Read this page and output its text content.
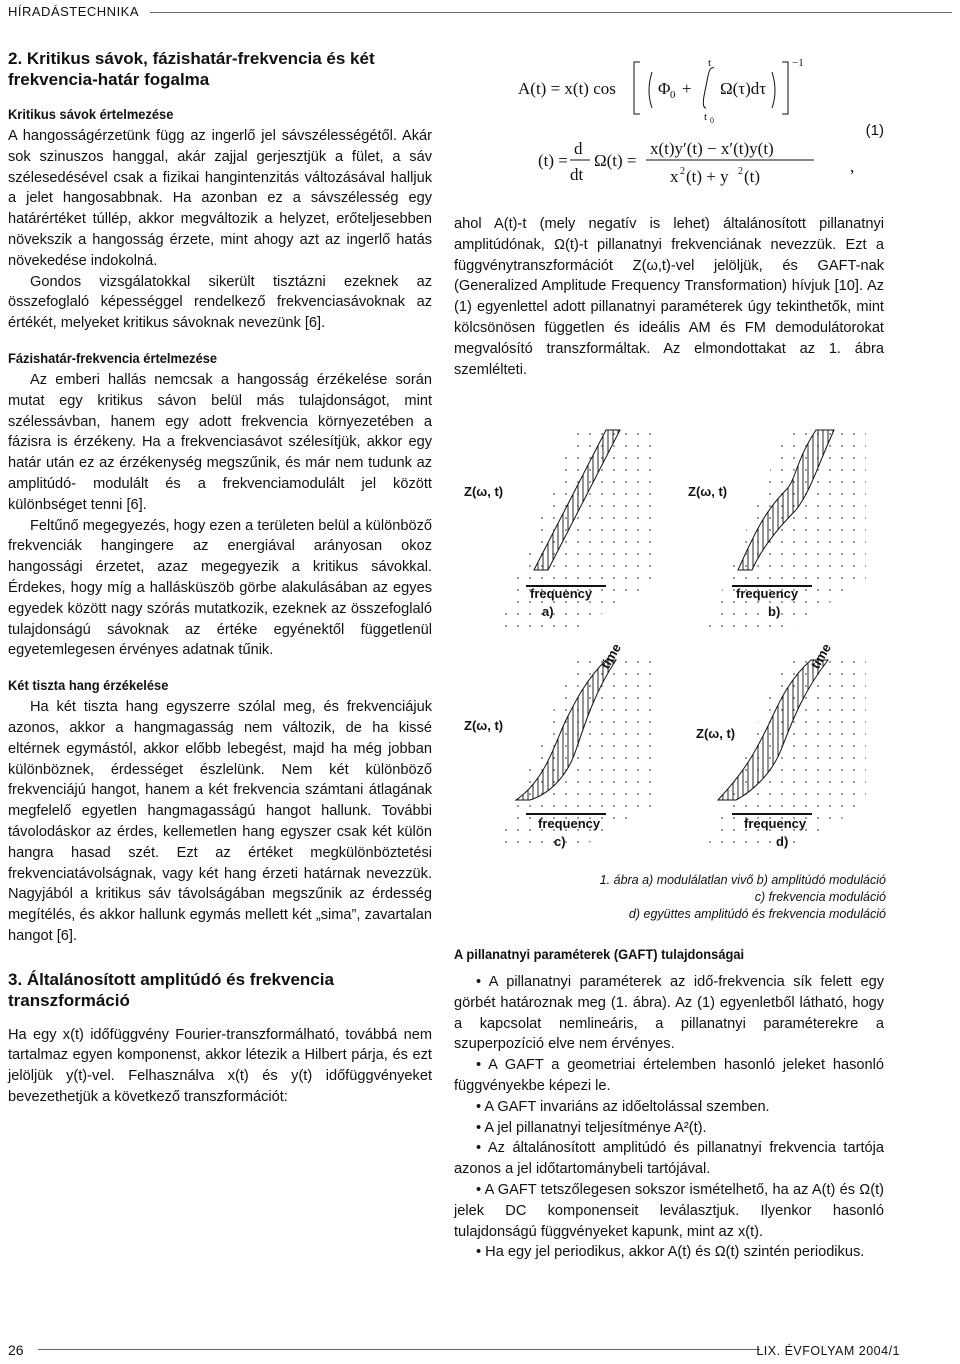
HÍRADÁSTECHNIKA
2. Kritikus sávok, fázishatár-frekvencia és két frekvencia-határ fogalma
Kritikus sávok értelmezése

A hangosságérzetünk függ az ingerlő jel sávszélességétől. Akár sok szinuszos hanggal, akár zajjal gerjesztjük a fület, a sáv szélesedésével csak a fizikai hangintenzitás változásával halljuk a jelet hangosabbnak. Ha azonban ez a sávszélesség egy határértéket túllép, akkor megváltozik a helyzet, erőteljesebben növekszik a hangosság érzete, mint ahogy azt az ingerlő hatás növekedése indokolná.

Gondos vizsgálatokkal sikerült tisztázni ezeknek az összefoglaló képességgel rendelkező frekvenciasávoknak az értékét, melyeket kritikus sávoknak nevezünk [6].

Fázishatár-frekvencia értelmezése

Az emberi hallás nemcsak a hangosság érzékelése során mutat egy kritikus sávon belül más tulajdonságot, mint szélessávban, hanem egy adott frekvencia környezetében a fázisra is érzékeny. Ha a frekvenciasávot szélesítjük, akkor egy határ után ez az érzékenység megszűnik, és már nem tudunk az amplitúdó- modulált és a frekvenciamodulált jel között különbséget tenni [6].

Feltűnő megegyezés, hogy ezen a területen belül a különböző frekvenciák hangingere az energiával arányosan okoz hangossági érzetet, azaz megegyezik a kritikus sávokkal. Érdekes, hogy míg a hallásküszöb görbe alakulásában az egyes egyedek között nagy szórás mutatkozik, ezeknek az összefoglaló tulajdonságú sávoknak az értéke egyénektől függetlenül egyetemlegesen érvényes adatnak tűnik.

Két tiszta hang érzékelése

Ha két tiszta hang egyszerre szólal meg, és frekvenciájuk azonos, akkor a hangmagasság nem változik, de ha kissé eltérnek egymástól, akkor előbb lebegést, majd ha még jobban különböznek, érdességet észlelünk. Nem két különböző frekvenciájú hangot, hanem a két frekvencia számtani átlagának megfelelő egyetlen hangmagasságú hangot hallunk. További távolodáskor az érdes, kellemetlen hang egyszer csak két külön hangra hasad szét. Ezt az értéket megkülönböztetési frekvenciatávolságnak, vagy két hang érzeti határnak nevezzük. Nagyjából a kritikus sáv távolságában megszűnik az érdesség megítélés, és akkor hallunk egymás mellett két „sima”, zavartalan hangot [6].

3. Általánosított amplitúdó és frekvencia transzformáció

Ha egy x(t) időfüggvény Fourier-transzformálható, továbbá nem tartalmaz egyen komponenst, akkor létezik a Hilbert párja, és ezt jelöljük y(t)-vel. Felhasználva x(t) és y(t) időfüggvényeket bevezethetjük a következő transzformációt:

A(t) = x(t) cos Φ 0 +
t
t 0
Ω(τ)dτ
−1
(t) =
d
dt
Ω(t) =
x(t)y′(t) − x′(t)y(t)
x 2 (t) + y 2 (t)
,
(1)

ahol A(t)-t (mely negatív is lehet) általánosított pillanatnyi amplitúdónak, Ω(t)-t pillanatnyi frekvenciának nevezzük. Ezt a függvénytranszformációt Z(ω,t)-vel jelöljük, és GAFT-nak (Generalized Amplitude Frequency Transformation) hívjuk [10]. Az (1) egyenlettel adott pillanatnyi paraméterek úgy tekinthetők, mint kölcsönösen független és ideális AM és FM demodulátorokat megvalósító transzformáltak. Az elmondottakat az 1. ábra szemlélteti.

Z(ω, t)
frequency
a)
Z(ω, t)
frequency
b)
Z(ω, t)
frequency
c)
time
Z(ω, t)
frequency
d)
time
1. ábra a) modulálatlan vivő b) amplitúdó moduláció
c) frekvencia moduláció
d) együttes amplitúdó és frekvencia moduláció
A pillanatnyi paraméterek (GAFT) tulajdonságai

• A pillanatnyi paraméterek az idő-frekvencia sík felett egy görbét határoznak meg (1. ábra). Az (1) egyenletből látható, hogy a kapcsolat nemlineáris, a pillanatnyi paraméterekre a szuperpozíció elve nem érvényes.

• A GAFT a geometriai értelemben hasonló jeleket hasonló függvényekbe képezi le.

• A GAFT invariáns az időeltolással szemben.

• A jel pillanatnyi teljesítménye A²(t).

• Az általánosított amplitúdó és pillanatnyi frekvencia tartója azonos a jel időtartománybeli tartójával.

• A GAFT tetszőlegesen sokszor ismételhető, ha az A(t) és Ω(t) jelek DC komponenseit leválasztjuk. Ilyenkor hasonló tulajdonságú függvényeket kapunk, mint az x(t).

• Ha egy jel periodikus, akkor A(t) és Ω(t) szintén periodikus.

26	LIX. ÉVFOLYAM 2004/1
